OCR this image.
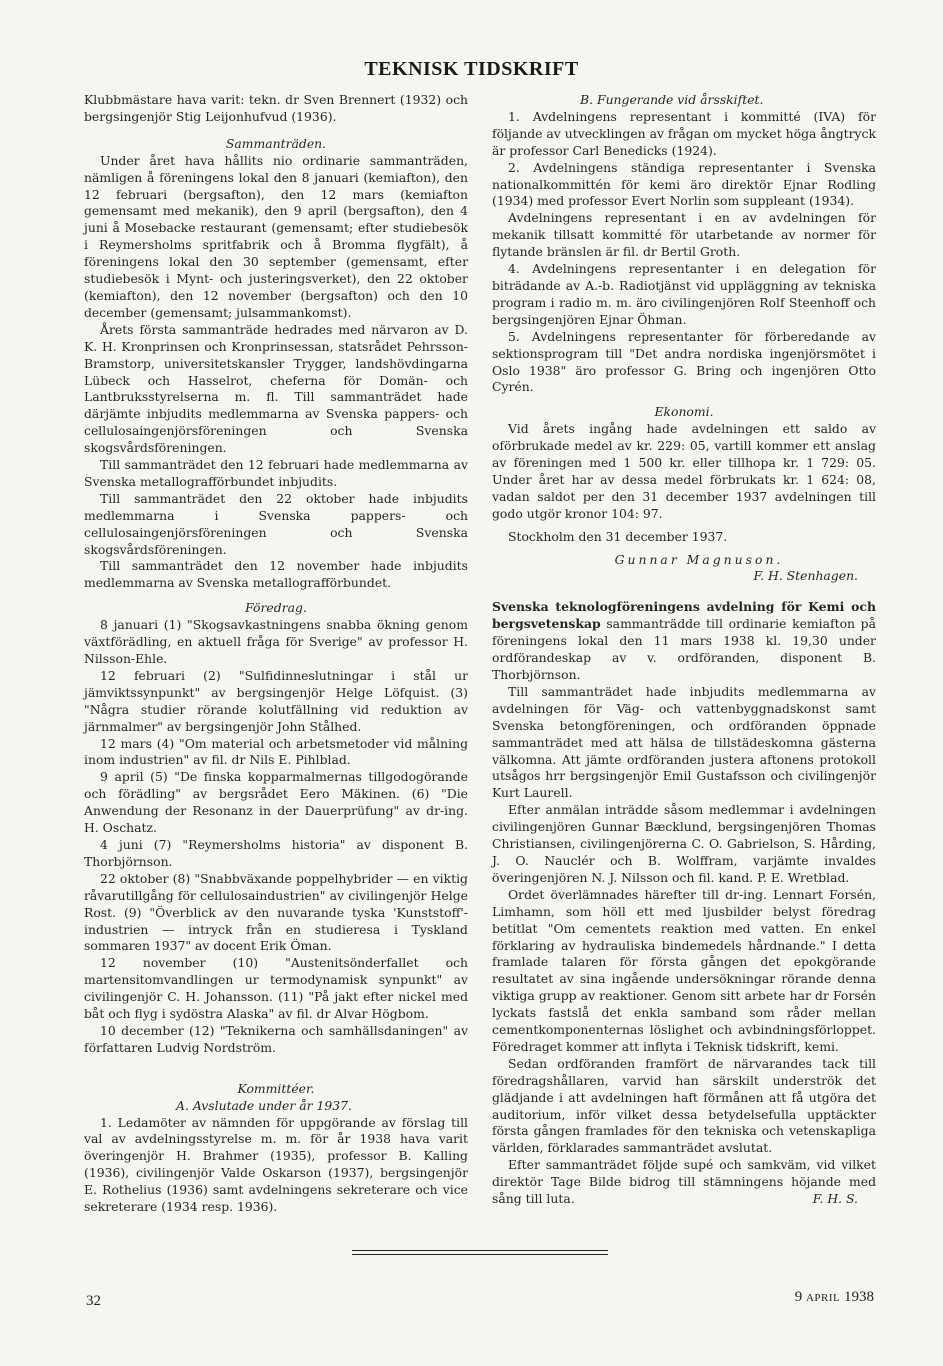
TEKNISK TIDSKRIFT

Klubbmästare hava varit: tekn. dr Sven Brennert (1932) och bergsingenjör Stig Leijonhufvud (1936).

Sammanträden.

Under året hava hållits nio ordinarie sammanträden, nämligen å föreningens lokal den 8 januari (kemiafton), den 12 februari (bergsafton), den 12 mars (kemiafton gemensamt med mekanik), den 9 april (bergsafton), den 4 juni å Mosebacke restaurant (gemensamt; efter studiebesök i Reymersholms spritfabrik och å Bromma flygfält), å föreningens lokal den 30 september (gemensamt, efter studiebesök i Mynt- och justeringsverket), den 22 oktober (kemiafton), den 12 november (bergsafton) och den 10 december (gemensamt; julsammankomst).

Årets första sammanträde hedrades med närvaron av D. K. H. Kronprinsen och Kronprinsessan, statsrådet Pehrsson-Bramstorp, universitetskansler Trygger, landshövdingarna Lübeck och Hasselrot, cheferna för Domän- och Lantbruksstyrelserna m. fl. Till sammanträdet hade därjämte inbjudits medlemmarna av Svenska pappers- och cellulosaingenjörsföreningen och Svenska skogsvårdsföreningen.

Till sammanträdet den 12 februari hade medlemmarna av Svenska metallografförbundet inbjudits.

Till sammanträdet den 22 oktober hade inbjudits medlemmarna i Svenska pappers- och cellulosaingenjörsföreningen och Svenska skogsvårdsföreningen.

Till sammanträdet den 12 november hade inbjudits medlemmarna av Svenska metallografförbundet.

Föredrag.

8 januari (1) "Skogsavkastningens snabba ökning genom växtförädling, en aktuell fråga för Sverige" av professor H. Nilsson-Ehle.

12 februari (2) "Sulfidinneslutningar i stål ur jämviktssynpunkt" av bergsingenjör Helge Löfquist. (3) "Några studier rörande kolutfällning vid reduktion av järnmalmer" av bergsingenjör John Stålhed.

12 mars (4) "Om material och arbetsmetoder vid målning inom industrien" av fil. dr Nils E. Pihlblad.

9 april (5) "De finska kopparmalmernas tillgodogörande och förädling" av bergsrådet Eero Mäkinen. (6) "Die Anwendung der Resonanz in der Dauerprüfung" av dr-ing. H. Oschatz.

4 juni (7) "Reymersholms historia" av disponent B. Thorbjörnson.

22 oktober (8) "Snabbväxande poppelhybrider — en viktig råvarutillgång för cellulosaindustrien" av civilingenjör Helge Rost. (9) "Överblick av den nuvarande tyska 'Kunststoff'-industrien — intryck från en studieresa i Tyskland sommaren 1937" av docent Erik Öman.

12 november (10) "Austenitsönderfallet och martensitomvandlingen ur termodynamisk synpunkt" av civilingenjör C. H. Johansson. (11) "På jakt efter nickel med båt och flyg i sydöstra Alaska" av fil. dr Alvar Högbom.

10 december (12) "Teknikerna och samhällsdaningen" av författaren Ludvig Nordström.

Kommittéer.
A. Avslutade under år 1937.

1. Ledamöter av nämnden för uppgörande av förslag till val av avdelningsstyrelse m. m. för år 1938 hava varit överingenjör H. Brahmer (1935), professor B. Kalling (1936), civilingenjör Valde Oskarson (1937), bergsingenjör E. Rothelius (1936) samt avdelningens sekreterare och vice sekreterare (1934 resp. 1936).

B. Fungerande vid årsskiftet.

1. Avdelningens representant i kommitté (IVA) för följande av utvecklingen av frågan om mycket höga ångtryck är professor Carl Benedicks (1924).

2. Avdelningens ständiga representanter i Svenska nationalkommittén för kemi äro direktör Ejnar Rodling (1934) med professor Evert Norlin som suppleant (1934).

Avdelningens representant i en av avdelningen för mekanik tillsatt kommitté för utarbetande av normer för flytande bränslen är fil. dr Bertil Groth.

4. Avdelningens representanter i en delegation för biträdande av A.-b. Radiotjänst vid uppläggning av tekniska program i radio m. m. äro civilingenjören Rolf Steenhoff och bergsingenjören Ejnar Öhman.

5. Avdelningens representanter för förberedande av sektionsprogram till "Det andra nordiska ingenjörsmötet i Oslo 1938" äro professor G. Bring och ingenjören Otto Cyrén.

Ekonomi.

Vid årets ingång hade avdelningen ett saldo av oförbrukade medel av kr. 229: 05, vartill kommer ett anslag av föreningen med 1 500 kr. eller tillhopa kr. 1 729: 05. Under året har av dessa medel förbrukats kr. 1 624: 08, vadan saldot per den 31 december 1937 avdelningen till godo utgör kronor 104: 97.

Stockholm den 31 december 1937.

Gunnar Magnuson.

F. H. Stenhagen.

Svenska teknologföreningens avdelning för Kemi och bergsvetenskap sammanträdde till ordinarie kemiafton på föreningens lokal den 11 mars 1938 kl. 19,30 under ordförandeskap av v. ordföranden, disponent B. Thorbjörnson.

Till sammanträdet hade inbjudits medlemmarna av avdelningen för Väg- och vattenbyggnadskonst samt Svenska betongföreningen, och ordföranden öppnade sammanträdet med att hälsa de tillstädeskomna gästerna välkomna. Att jämte ordföranden justera aftonens protokoll utsågos hrr bergsingenjör Emil Gustafsson och civilingenjör Kurt Laurell.

Efter anmälan inträdde såsom medlemmar i avdelningen civilingenjören Gunnar Bæcklund, bergsingenjören Thomas Christiansen, civilingenjörerna C. O. Gabrielson, S. Hårding, J. O. Nauclér och B. Wolffram, varjämte invaldes överingenjören N. J. Nilsson och fil. kand. P. E. Wretblad.

Ordet överlämnades härefter till dr-ing. Lennart Forsén, Limhamn, som höll ett med ljusbilder belyst föredrag betitlat "Om cementets reaktion med vatten. En enkel förklaring av hydrauliska bindemedels hårdnande." I detta framlade talaren för första gången det epokgörande resultatet av sina ingående undersökningar rörande denna viktiga grupp av reaktioner. Genom sitt arbete har dr Forsén lyckats fastslå det enkla samband som råder mellan cementkomponenternas löslighet och avbindningsförloppet. Föredraget kommer att inflyta i Teknisk tidskrift, kemi.

Sedan ordföranden framfört de närvarandes tack till föredragshållaren, varvid han särskilt underströk det glädjande i att avdelningen haft förmånen att få utgöra det auditorium, inför vilket dessa betydelsefulla upptäckter första gången framlades för den tekniska och vetenskapliga världen, förklarades sammanträdet avslutat.

Efter sammanträdet följde supé och samkväm, vid vilket direktör Tage Bilde bidrog till stämningens höjande med sång till luta.	F. H. S.

32	9 APRIL 1938
